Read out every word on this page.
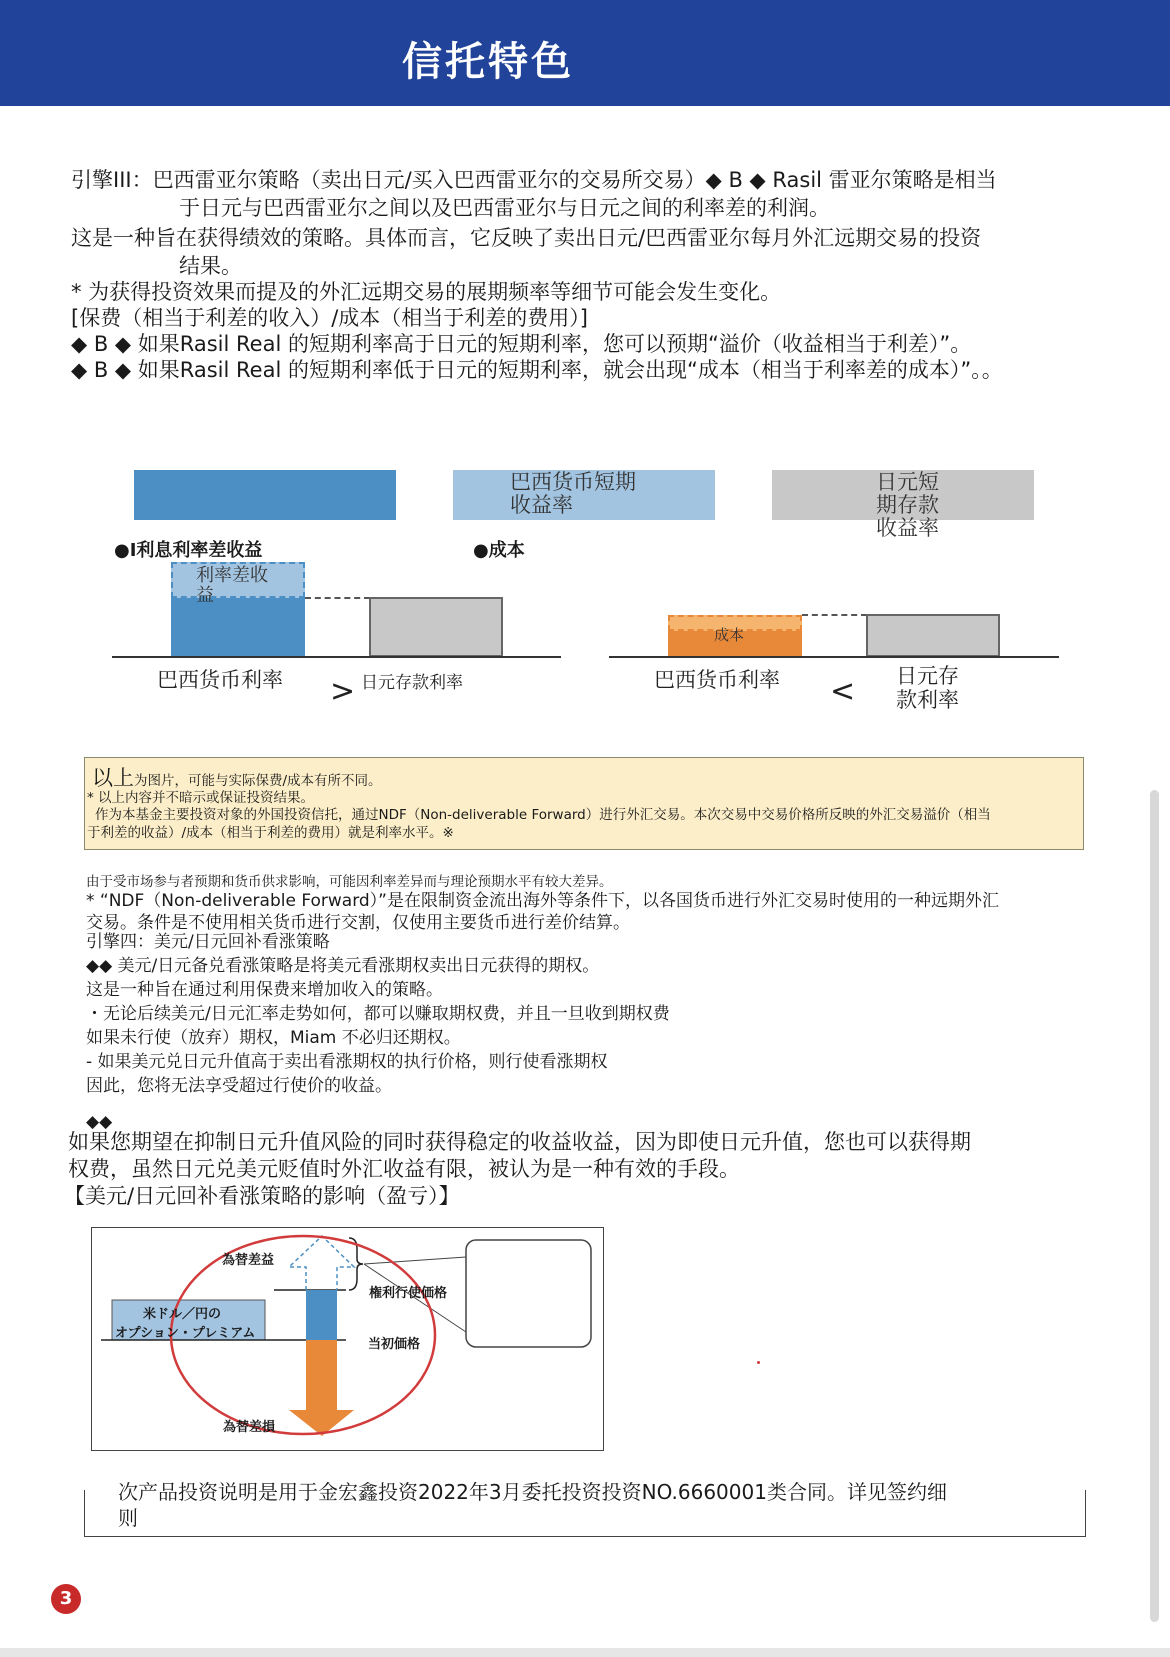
信托特色
引擎III：巴西雷亚尔策略（卖出日元/买入巴西雷亚尔的交易所交易）◆ B ◆ Rasil 雷亚尔策略是相当
于日元与巴西雷亚尔之间以及巴西雷亚尔与日元之间的利率差的利润。
这是一种旨在获得绩效的策略。具体而言，它反映了卖出日元/巴西雷亚尔每月外汇远期交易的投资
结果。
* 为获得投资效果而提及的外汇远期交易的展期频率等细节可能会发生变化。
[保费（相当于利差的收入）/成本（相当于利差的费用）]
◆ B ◆ 如果Rasil Real 的短期利率高于日元的短期利率，您可以预期“溢价（收益相当于利差）”。
◆ B ◆ 如果Rasil Real 的短期利率低于日元的短期利率，就会出现“成本（相当于利率差的成本）”。。
巴西货币短期
收益率
日元短
期存款
收益率
●I利息利率差收益
利率差收
益
巴西货币利率 > 日元存款利率
●成本
成本
巴西货币利率 < 日元存
款利率
以上为图片，可能与实际保费/成本有所不同。
* 以上内容并不暗示或保证投资结果。
作为本基金主要投资对象的外国投资信托，通过NDF（Non-deliverable Forward）进行外汇交易。本次交易中交易价格所反映的外汇交易溢价（相当
于利差的收益）/成本（相当于利差的费用）就是利率水平。※
由于受市场参与者预期和货币供求影响，可能因利率差异而与理论预期水平有较大差异。
* “NDF（Non-deliverable Forward）”是在限制资金流出海外等条件下，以各国货币进行外汇交易时使用的一种远期外汇
交易。条件是不使用相关货币进行交割，仅使用主要货币进行差价结算。
引擎四：美元/日元回补看涨策略
◆◆ 美元/日元备兑看涨策略是将美元看涨期权卖出日元获得的期权。
这是一种旨在通过利用保费来增加收入的策略。
・无论后续美元/日元汇率走势如何，都可以赚取期权费，并且一旦收到期权费
如果未行使（放弃）期权，Miam 不必归还期权。
- 如果美元兑日元升值高于卖出看涨期权的执行价格，则行使看涨期权
因此，您将无法享受超过行使价的收益。
◆◆
如果您期望在抑制日元升值风险的同时获得稳定的收益收益，因为即使日元升值，您也可以获得期
权费，虽然日元兑美元贬值时外汇收益有限，被认为是一种有效的手段。
【美元/日元回补看涨策略的影响（盈亏）】
為替差益
権利行使価格
米ドル／円の
オプション・プレミアム
当初価格
為替差損
次产品投资说明是用于金宏鑫投资2022年3月委托投资投资NO.6660001类合同。详见签约细
则
3
